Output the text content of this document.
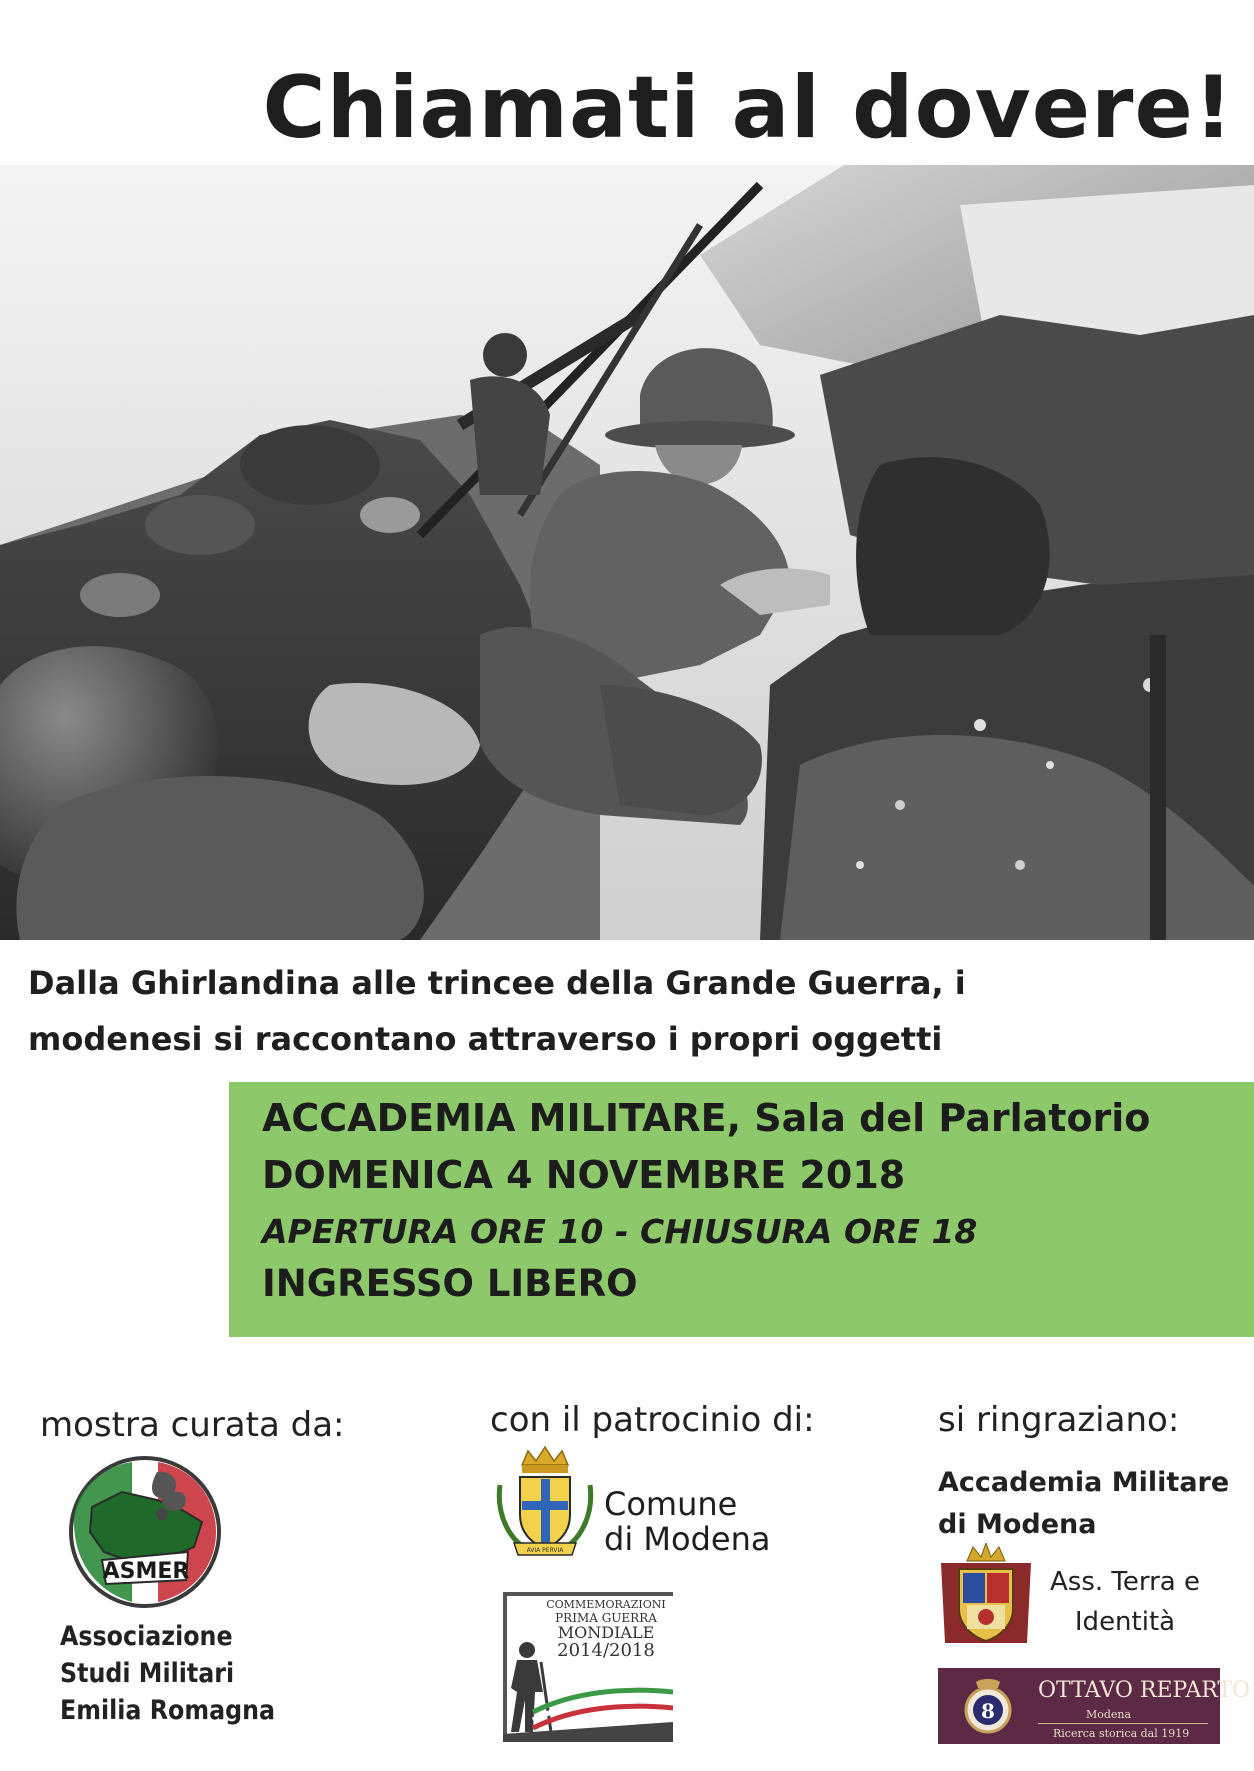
Chiamati al dovere!
Dalla Ghirlandina alle trincee della Grande Guerra, i
modenesi si raccontano attraverso i propri oggetti
ACCADEMIA MILITARE, Sala del Parlatorio
DOMENICA 4 NOVEMBRE 2018
APERTURA ORE 10 - CHIUSURA ORE 18
INGRESSO LIBERO
mostra curata da:	con il patrocinio di:	si ringraziano:
ASMER
Associazione
Studi Militari
Emilia Romagna
AVIA PERVIA
Comune
di Modena
COMMEMORAZIONI
PRIMA GUERRA
MONDIALE
2014/2018
Accademia Militare
di Modena
Ass. Terra e
Identità
8
OTTAVO REPARTO
Modena
Ricerca storica dal 1919
